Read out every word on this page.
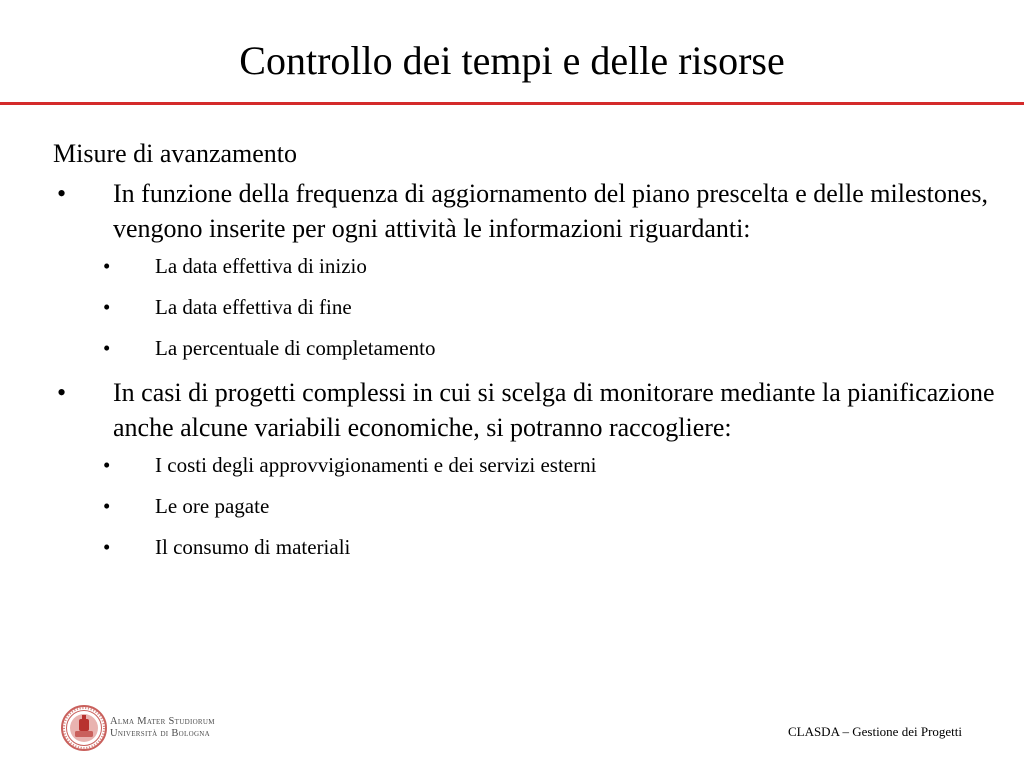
Controllo dei tempi e delle risorse
Misure di avanzamento
• In funzione della frequenza di aggiornamento del piano prescelta e delle milestones, vengono inserite per ogni attività le informazioni riguardanti:
• La data effettiva di inizio
• La data effettiva di fine
• La percentuale di completamento
• In casi di progetti complessi in cui si scelga di monitorare mediante la pianificazione anche alcune variabili economiche, si potranno raccogliere:
• I costi degli approvvigionamenti e dei servizi esterni
• Le ore pagate
• Il consumo di materiali
Alma Mater Studiorum
Università di Bologna	CLASDA – Gestione dei Progetti
